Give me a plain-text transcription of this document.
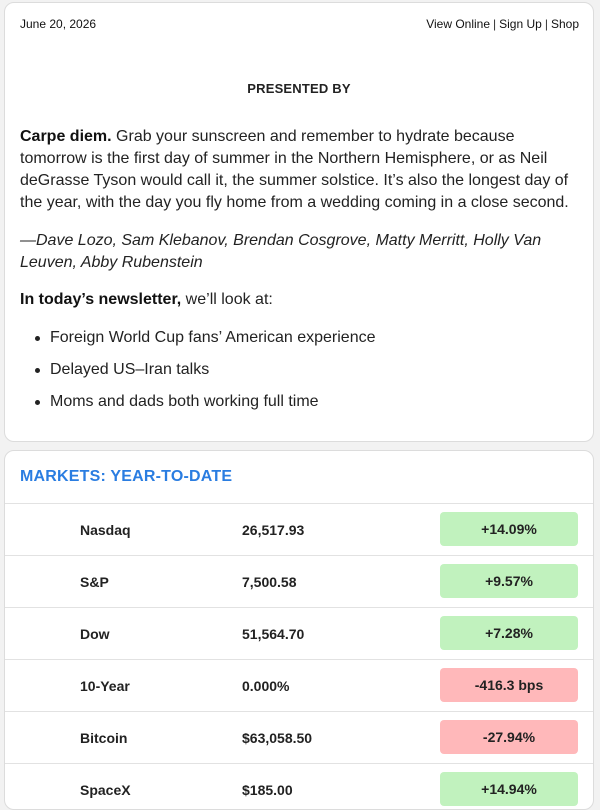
June 20, 2026	View Online | Sign Up | Shop
PRESENTED BY
Carpe diem. Grab your sunscreen and remember to hydrate because tomorrow is the first day of summer in the Northern Hemisphere, or as Neil deGrasse Tyson would call it, the summer solstice. It’s also the longest day of the year, with the day you fly home from a wedding coming in a close second.
—Dave Lozo, Sam Klebanov, Brendan Cosgrove, Matty Merritt, Holly Van Leuven, Abby Rubenstein
In today’s newsletter, we’ll look at:
Foreign World Cup fans’ American experience
Delayed US–Iran talks
Moms and dads both working full time
MARKETS: YEAR-TO-DATE
Nasdaq	26,517.93	+14.09%
S&P	7,500.58	+9.57%
Dow	51,564.70	+7.28%
10-Year	0.000%	-416.3 bps
Bitcoin	$63,058.50	-27.94%
SpaceX	$185.00	+14.94%
